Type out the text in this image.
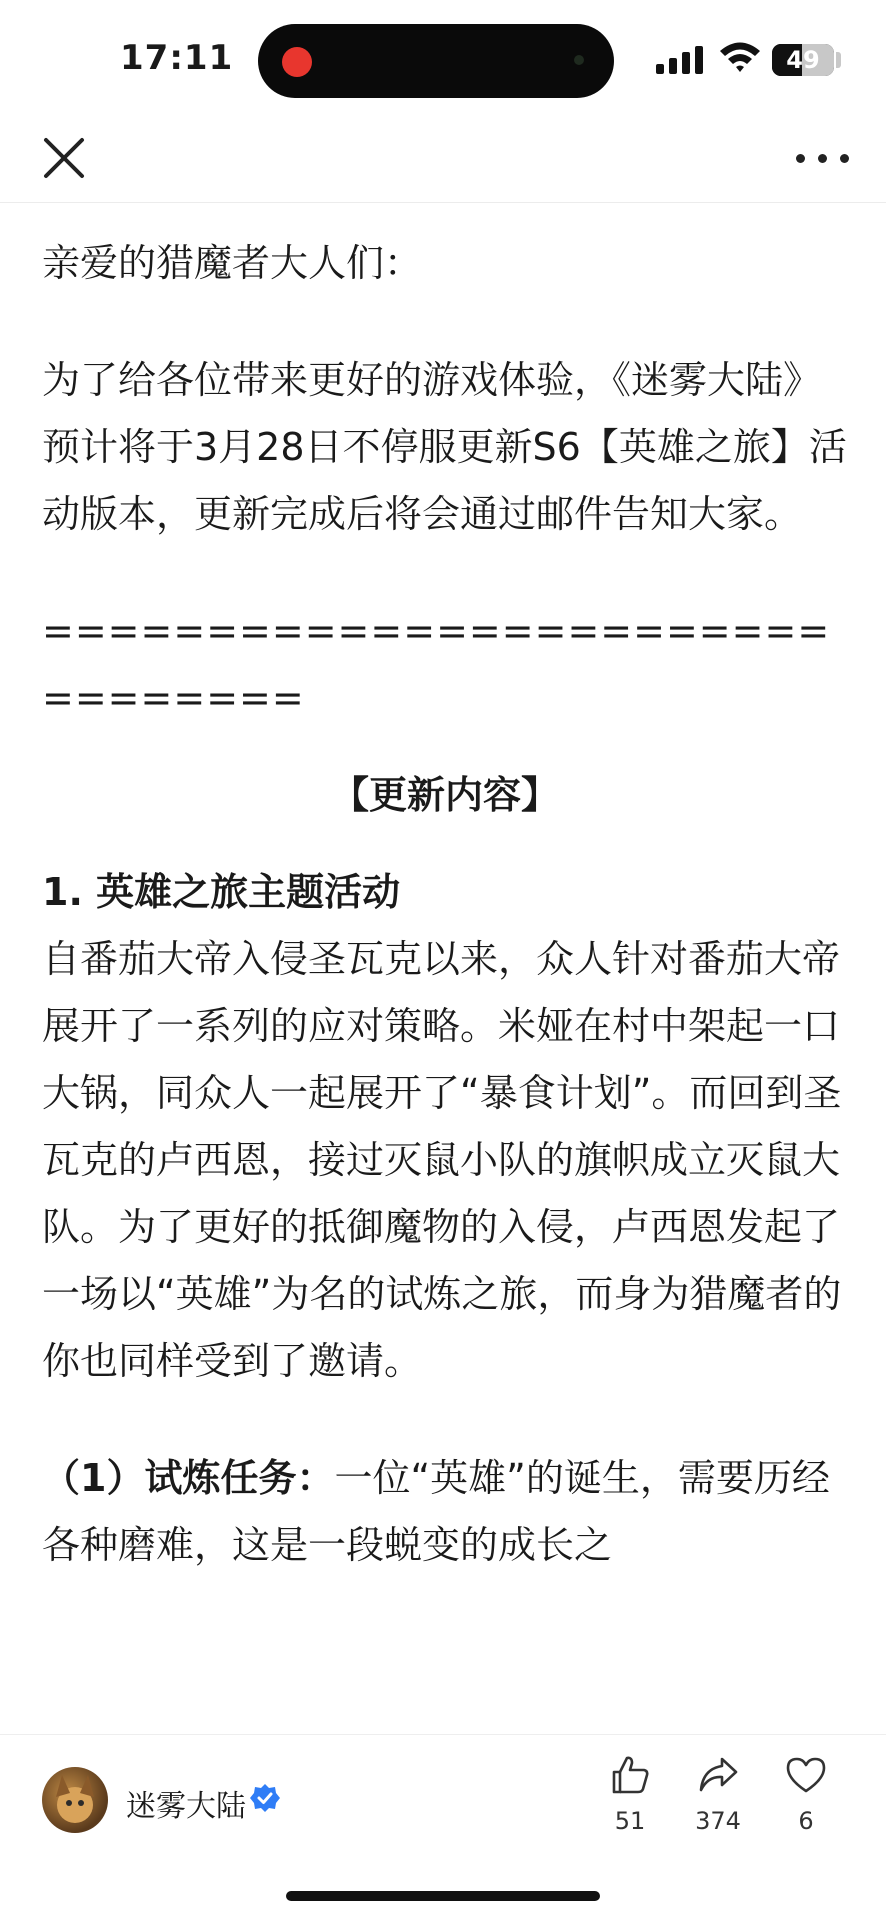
17:11	49

亲爱的猎魔者大人们：

为了给各位带来更好的游戏体验，《迷雾大陆》预计将于3月28日不停服更新S6【英雄之旅】活动版本，更新完成后将会通过邮件告知大家。

================================

【更新内容】

1. 英雄之旅主题活动

自番茄大帝入侵圣瓦克以来，众人针对番茄大帝展开了一系列的应对策略。米娅在村中架起一口大锅，同众人一起展开了“暴食计划”。而回到圣瓦克的卢西恩，接过灭鼠小队的旗帜成立灭鼠大队。为了更好的抵御魔物的入侵，卢西恩发起了一场以“英雄”为名的试炼之旅，而身为猎魔者的你也同样受到了邀请。

（1）试炼任务：一位“英雄”的诞生，需要历经各种磨难，这是一段蜕变的成长之

迷雾大陆	51	374	6
